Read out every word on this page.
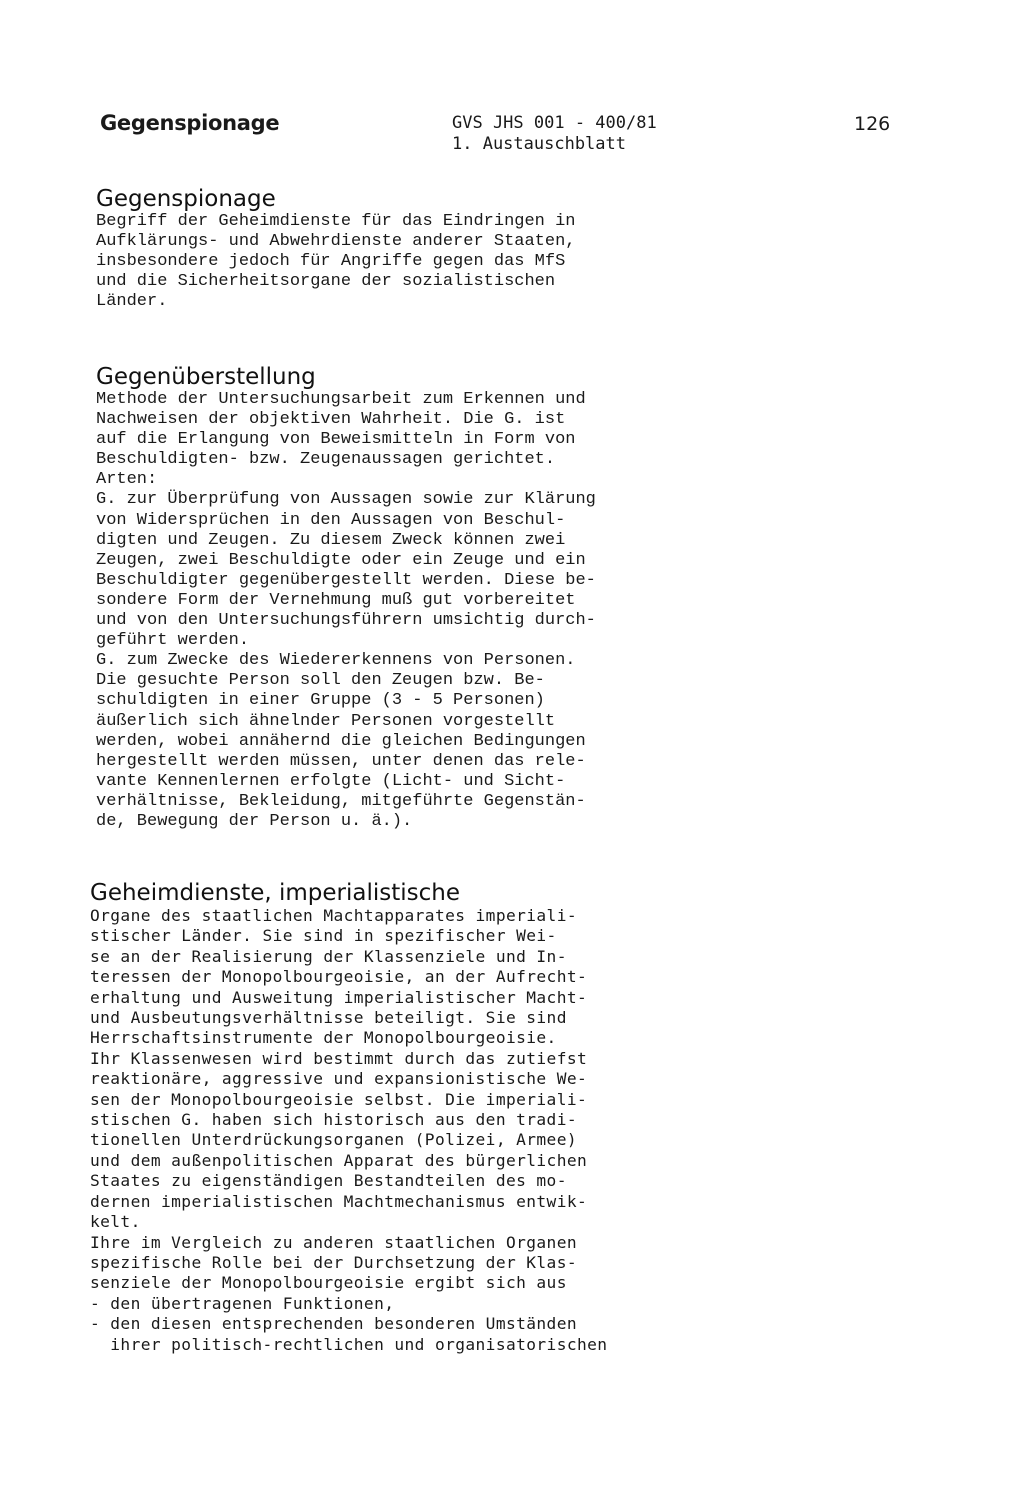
Gegenspionage	GVS JHS 001 - 400/81
1. Austauschblatt
126
Gegenspionage
Begriff der Geheimdienste für das Eindringen in
Aufklärungs- und Abwehrdienste anderer Staaten,
insbesondere jedoch für Angriffe gegen das MfS
und die Sicherheitsorgane der sozialistischen
Länder.
Gegenüberstellung
Methode der Untersuchungsarbeit zum Erkennen und
Nachweisen der objektiven Wahrheit. Die G. ist
auf die Erlangung von Beweismitteln in Form von
Beschuldigten- bzw. Zeugenaussagen gerichtet.
Arten:
G. zur Überprüfung von Aussagen sowie zur Klärung
von Widersprüchen in den Aussagen von Beschul-
digten und Zeugen. Zu diesem Zweck können zwei
Zeugen, zwei Beschuldigte oder ein Zeuge und ein
Beschuldigter gegenübergestellt werden. Diese be-
sondere Form der Vernehmung muß gut vorbereitet
und von den Untersuchungsführern umsichtig durch-
geführt werden.
G. zum Zwecke des Wiedererkennens von Personen.
Die gesuchte Person soll den Zeugen bzw. Be-
schuldigten in einer Gruppe (3 - 5 Personen)
äußerlich sich ähnelnder Personen vorgestellt
werden, wobei annähernd die gleichen Bedingungen
hergestellt werden müssen, unter denen das rele-
vante Kennenlernen erfolgte (Licht- und Sicht-
verhältnisse, Bekleidung, mitgeführte Gegenstän-
de, Bewegung der Person u. ä.).
Geheimdienste, imperialistische
Organe des staatlichen Machtapparates imperiali-
stischer Länder. Sie sind in spezifischer Wei-
se an der Realisierung der Klassenziele und In-
teressen der Monopolbourgeoisie, an der Aufrecht-
erhaltung und Ausweitung imperialistischer Macht-
und Ausbeutungsverhältnisse beteiligt. Sie sind
Herrschaftsinstrumente der Monopolbourgeoisie.
Ihr Klassenwesen wird bestimmt durch das zutiefst
reaktionäre, aggressive und expansionistische We-
sen der Monopolbourgeoisie selbst. Die imperiali-
stischen G. haben sich historisch aus den tradi-
tionellen Unterdrückungsorganen (Polizei, Armee)
und dem außenpolitischen Apparat des bürgerlichen
Staates zu eigenständigen Bestandteilen des mo-
dernen imperialistischen Machtmechanismus entwik-
kelt.
Ihre im Vergleich zu anderen staatlichen Organen
spezifische Rolle bei der Durchsetzung der Klas-
senziele der Monopolbourgeoisie ergibt sich aus
- den übertragenen Funktionen,
- den diesen entsprechenden besonderen Umständen
ihrer politisch-rechtlichen und organisatorischen
